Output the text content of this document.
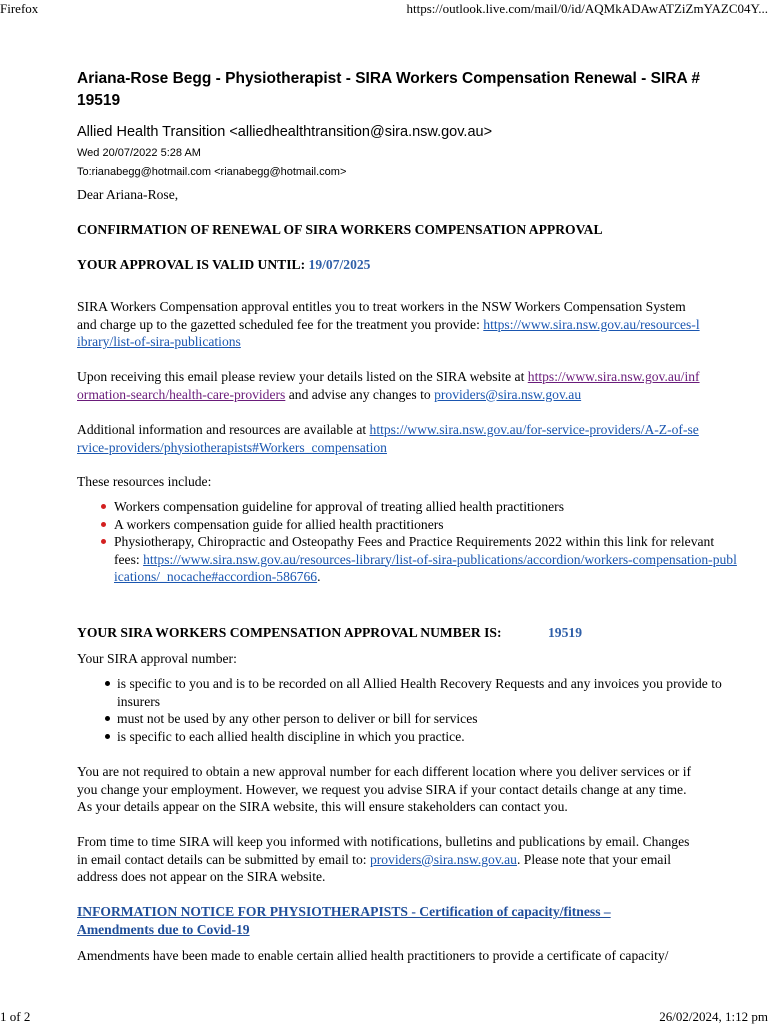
Firefox	https://outlook.live.com/mail/0/id/AQMkADAwATZiZmYAZC04Y...
Ariana-Rose Begg - Physiotherapist - SIRA Workers Compensation Renewal - SIRA # 19519
Allied Health Transition <alliedhealthtransition@sira.nsw.gov.au>
Wed 20/07/2022 5:28 AM
To:rianabegg@hotmail.com <rianabegg@hotmail.com>
Dear Ariana-Rose,
CONFIRMATION OF RENEWAL OF SIRA WORKERS COMPENSATION APPROVAL
YOUR APPROVAL IS VALID UNTIL: 19/07/2025

SIRA Workers Compensation approval entitles you to treat workers in the NSW Workers Compensation System and charge up to the gazetted scheduled fee for the treatment you provide: https://www.sira.nsw.gov.au/resources-library/list-of-sira-publications

Upon receiving this email please review your details listed on the SIRA website at https://www.sira.nsw.gov.au/information-search/health-care-providers and advise any changes to providers@sira.nsw.gov.au

Additional information and resources are available at https://www.sira.nsw.gov.au/for-service-providers/A-Z-of-service-providers/physiotherapists#Workers_compensation

These resources include:

Workers compensation guideline for approval of treating allied health practitioners
A workers compensation guide for allied health practitioners
Physiotherapy, Chiropractic and Osteopathy Fees and Practice Requirements 2022 within this link for relevant fees: https://www.sira.nsw.gov.au/resources-library/list-of-sira-publications/accordion/workers-compensation-publications/_nocache#accordion-586766.
YOUR SIRA WORKERS COMPENSATION APPROVAL NUMBER IS:	19519

Your SIRA approval number:

is specific to you and is to be recorded on all Allied Health Recovery Requests and any invoices you provide to insurers
must not be used by any other person to deliver or bill for services
is specific to each allied health discipline in which you practice.

You are not required to obtain a new approval number for each different location where you deliver services or if you change your employment. However, we request you advise SIRA if your contact details change at any time. As your details appear on the SIRA website, this will ensure stakeholders can contact you.

From time to time SIRA will keep you informed with notifications, bulletins and publications by email. Changes in email contact details can be submitted by email to: providers@sira.nsw.gov.au. Please note that your email address does not appear on the SIRA website.

INFORMATION NOTICE FOR PHYSIOTHERAPISTS - Certification of capacity/fitness – Amendments due to Covid-19

Amendments have been made to enable certain allied health practitioners to provide a certificate of capacity/

1 of 2	26/02/2024, 1:12 pm
